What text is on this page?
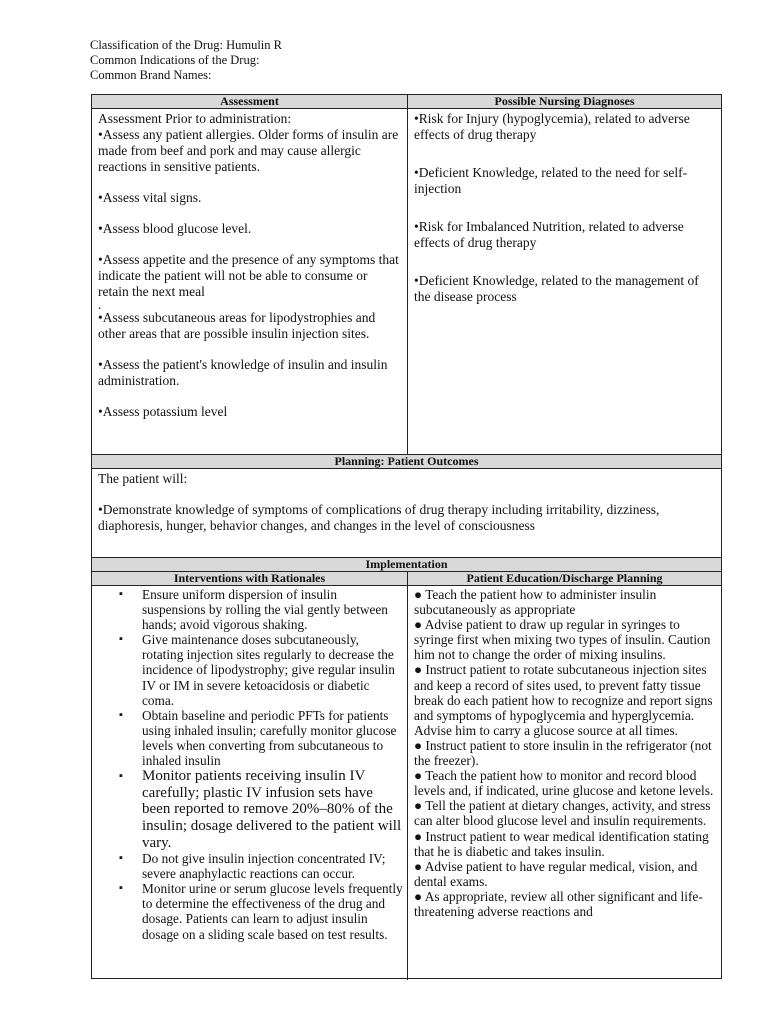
Classification of the Drug: Humulin R
Common Indications of the Drug:
Common Brand Names:
Assessment

Assessment Prior to administration:

•Assess any patient allergies. Older forms of insulin are made from beef and pork and may cause allergic reactions in sensitive patients.

•Assess vital signs.

•Assess blood glucose level.

•Assess appetite and the presence of any symptoms that indicate the patient will not be able to consume or retain the next meal

.

•Assess subcutaneous areas for lipodystrophies and other areas that are possible insulin injection sites.

•Assess the patient's knowledge of insulin and insulin administration.

•Assess potassium level

Possible Nursing Diagnoses

•Risk for Injury (hypoglycemia), related to adverse effects of drug therapy

•Deficient Knowledge, related to the need for self-injection

•Risk for Imbalanced Nutrition, related to adverse effects of drug therapy

•Deficient Knowledge, related to the management of the disease process

Planning: Patient Outcomes

The patient will:

•Demonstrate knowledge of symptoms of complications of drug therapy including irritability, dizziness, diaphoresis, hunger, behavior changes, and changes in the level of consciousness

Implementation
Interventions with Rationales
▪ Ensure uniform dispersion of insulin suspensions by rolling the vial gently between hands; avoid vigorous shaking.
▪ Give maintenance doses subcutaneously, rotating injection sites regularly to decrease the incidence of lipodystrophy; give regular insulin IV or IM in severe ketoacidosis or diabetic coma.
▪ Obtain baseline and periodic PFTs for patients using inhaled insulin; carefully monitor glucose levels when converting from subcutaneous to inhaled insulin
▪ Monitor patients receiving insulin IV carefully; plastic IV infusion sets have been reported to remove 20%–80% of the insulin; dosage delivered to the patient will vary.
▪ Do not give insulin injection concentrated IV; severe anaphylactic reactions can occur.
▪ Monitor urine or serum glucose levels frequently to determine the effectiveness of the drug and dosage. Patients can learn to adjust insulin dosage on a sliding scale based on test results.
Patient Education/Discharge Planning
● Teach the patient how to administer insulin subcutaneously as appropriate
● Advise patient to draw up regular in syringes to syringe first when mixing two types of insulin. Caution him not to change the order of mixing insulins.
● Instruct patient to rotate subcutaneous injection sites and keep a record of sites used, to prevent fatty tissue break do each patient how to recognize and report signs and symptoms of hypoglycemia and hyperglycemia. Advise him to carry a glucose source at all times.
● Instruct patient to store insulin in the refrigerator (not the freezer).
● Teach the patient how to monitor and record blood levels and, if indicated, urine glucose and ketone levels.
● Tell the patient at dietary changes, activity, and stress can alter blood glucose level and insulin requirements.
● Instruct patient to wear medical identification stating that he is diabetic and takes insulin.
● Advise patient to have regular medical, vision, and dental exams.
● As appropriate, review all other significant and life-threatening adverse reactions and
